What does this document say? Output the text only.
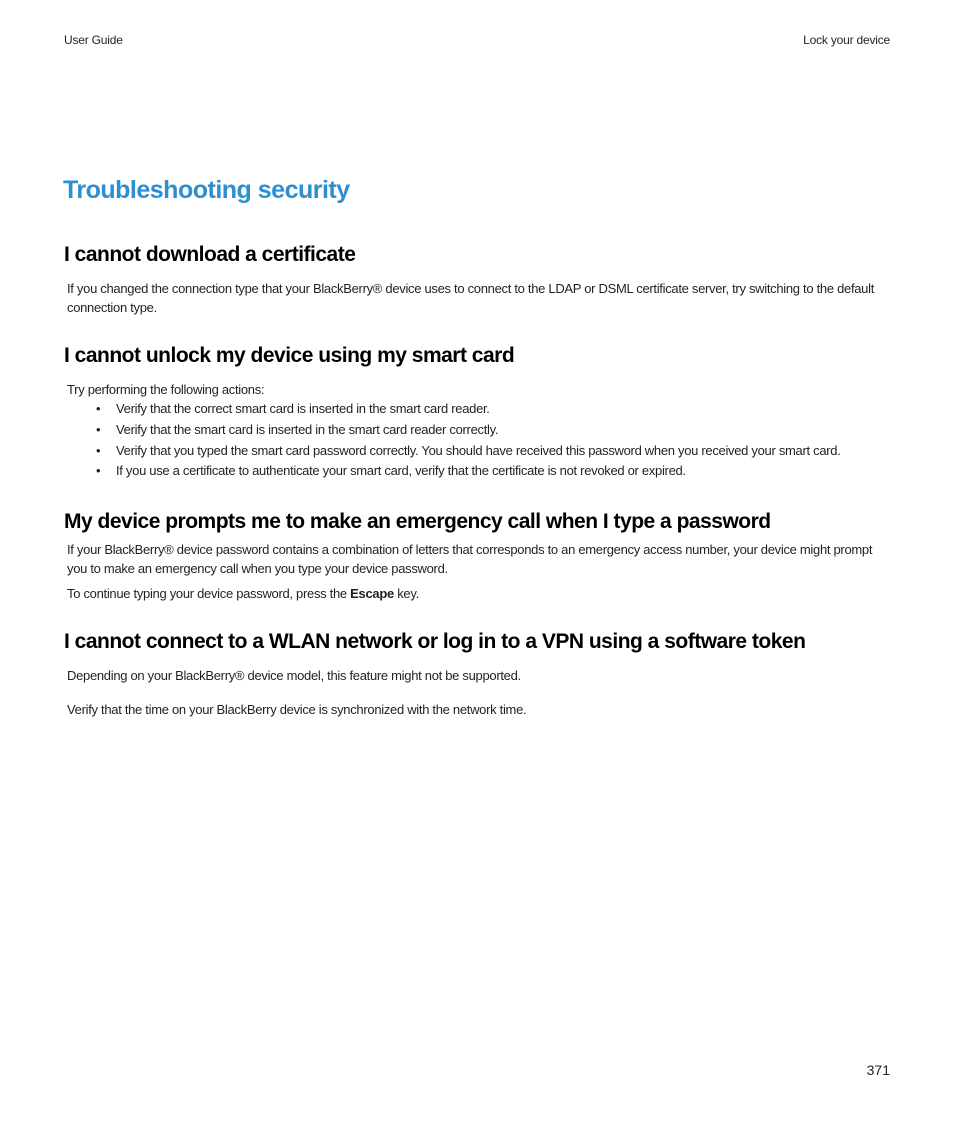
User Guide	Lock your device
Troubleshooting security
I cannot download a certificate

If you changed the connection type that your BlackBerry® device uses to connect to the LDAP or DSML certificate server, try switching to the default connection type.

I cannot unlock my device using my smart card

Try performing the following actions:

• Verify that the correct smart card is inserted in the smart card reader.
• Verify that the smart card is inserted in the smart card reader correctly.
• Verify that you typed the smart card password correctly. You should have received this password when you received your smart card.
• If you use a certificate to authenticate your smart card, verify that the certificate is not revoked or expired.
My device prompts me to make an emergency call when I type a password

If your BlackBerry® device password contains a combination of letters that corresponds to an emergency access number, your device might prompt you to make an emergency call when you type your device password.

To continue typing your device password, press the Escape key.

I cannot connect to a WLAN network or log in to a VPN using a software token

Depending on your BlackBerry® device model, this feature might not be supported.

Verify that the time on your BlackBerry device is synchronized with the network time.

371
